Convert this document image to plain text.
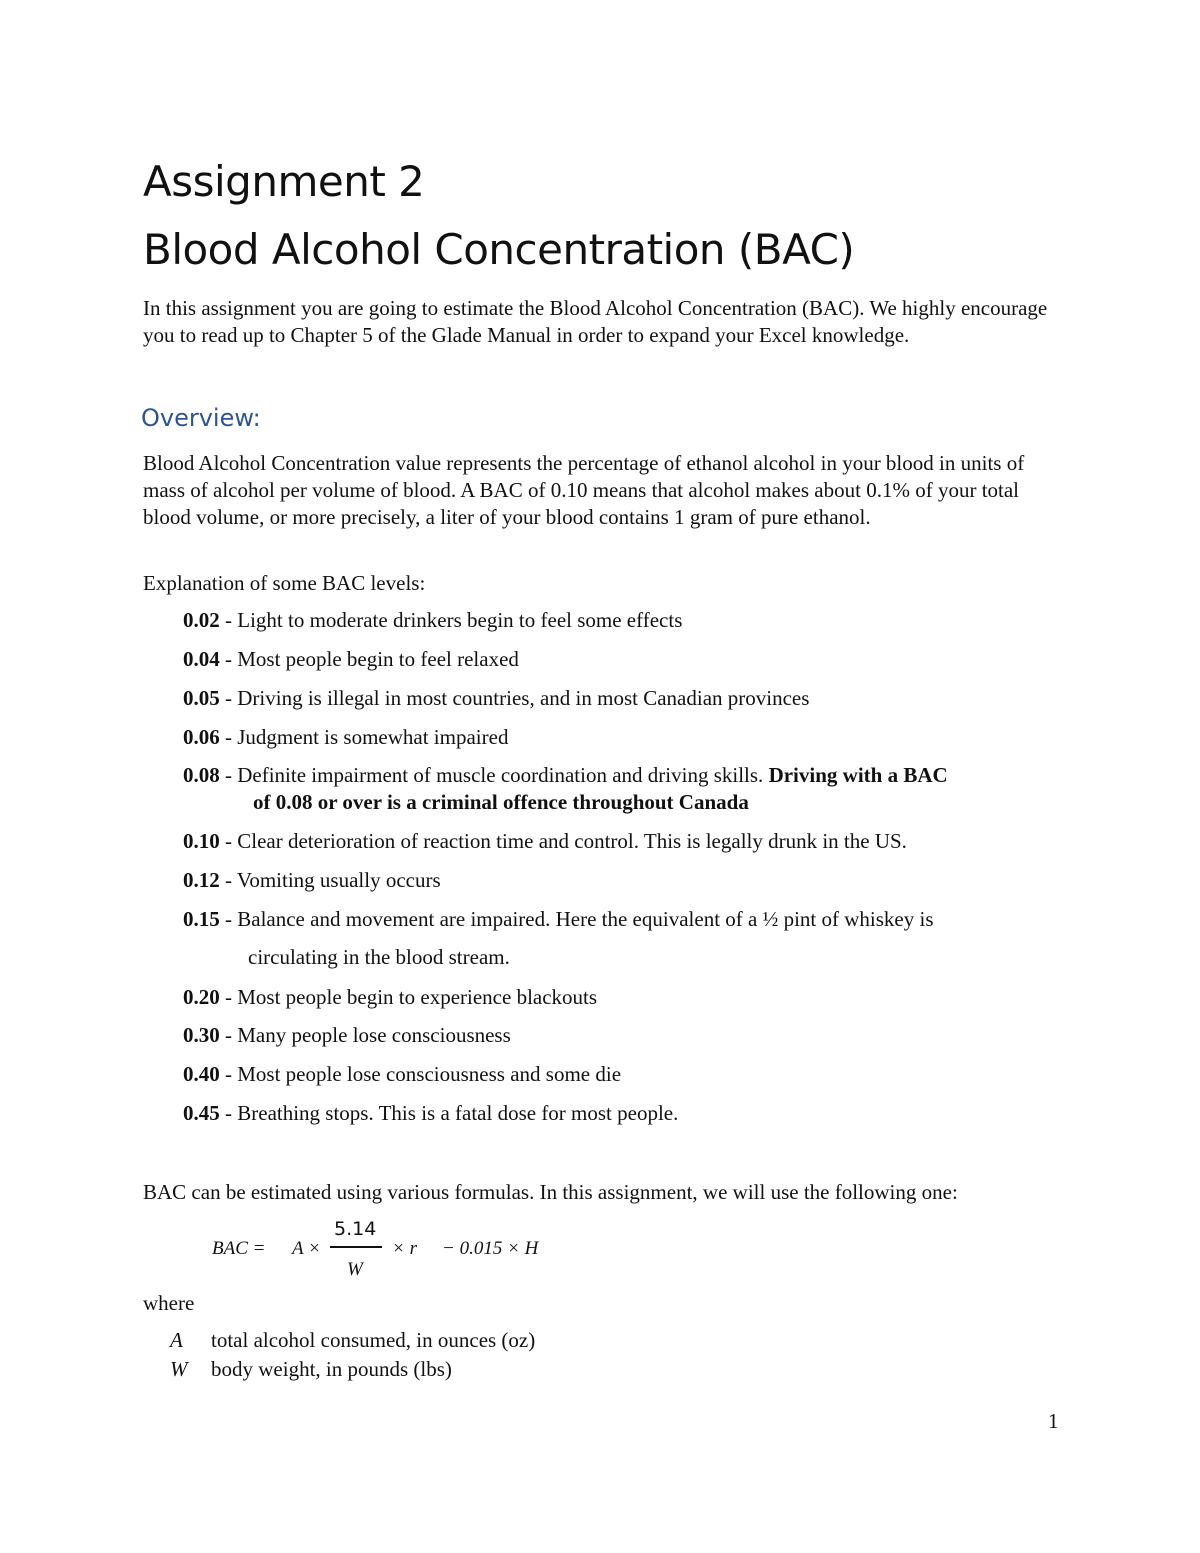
Assignment 2
Blood Alcohol Concentration (BAC)

In this assignment you are going to estimate the Blood Alcohol Concentration (BAC). We highly encourage you to read up to Chapter 5 of the Glade Manual in order to expand your Excel knowledge.

Overview:

Blood Alcohol Concentration value represents the percentage of ethanol alcohol in your blood in units of mass of alcohol per volume of blood. A BAC of 0.10 means that alcohol makes about 0.1% of your total blood volume, or more precisely, a liter of your blood contains 1 gram of pure ethanol.

Explanation of some BAC levels:

0.02 - Light to moderate drinkers begin to feel some effects
0.04 - Most people begin to feel relaxed
0.05 - Driving is illegal in most countries, and in most Canadian provinces
0.06 - Judgment is somewhat impaired
0.08 - Definite impairment of muscle coordination and driving skills. Driving with a BAC
of 0.08 or over is a criminal offence throughout Canada
0.10 - Clear deterioration of reaction time and control. This is legally drunk in the US.
0.12 - Vomiting usually occurs
0.15 - Balance and movement are impaired. Here the equivalent of a ½ pint of whiskey is
circulating in the blood stream.
0.20 - Most people begin to experience blackouts
0.30 - Many people lose consciousness
0.40 - Most people lose consciousness and some die
0.45 - Breathing stops. This is a fatal dose for most people.

BAC can be estimated using various formulas. In this assignment, we will use the following one:

BAC = A ×
5.14
W
× r − 0.015 × H

where

A total alcohol consumed, in ounces (oz)
W body weight, in pounds (lbs)
1
